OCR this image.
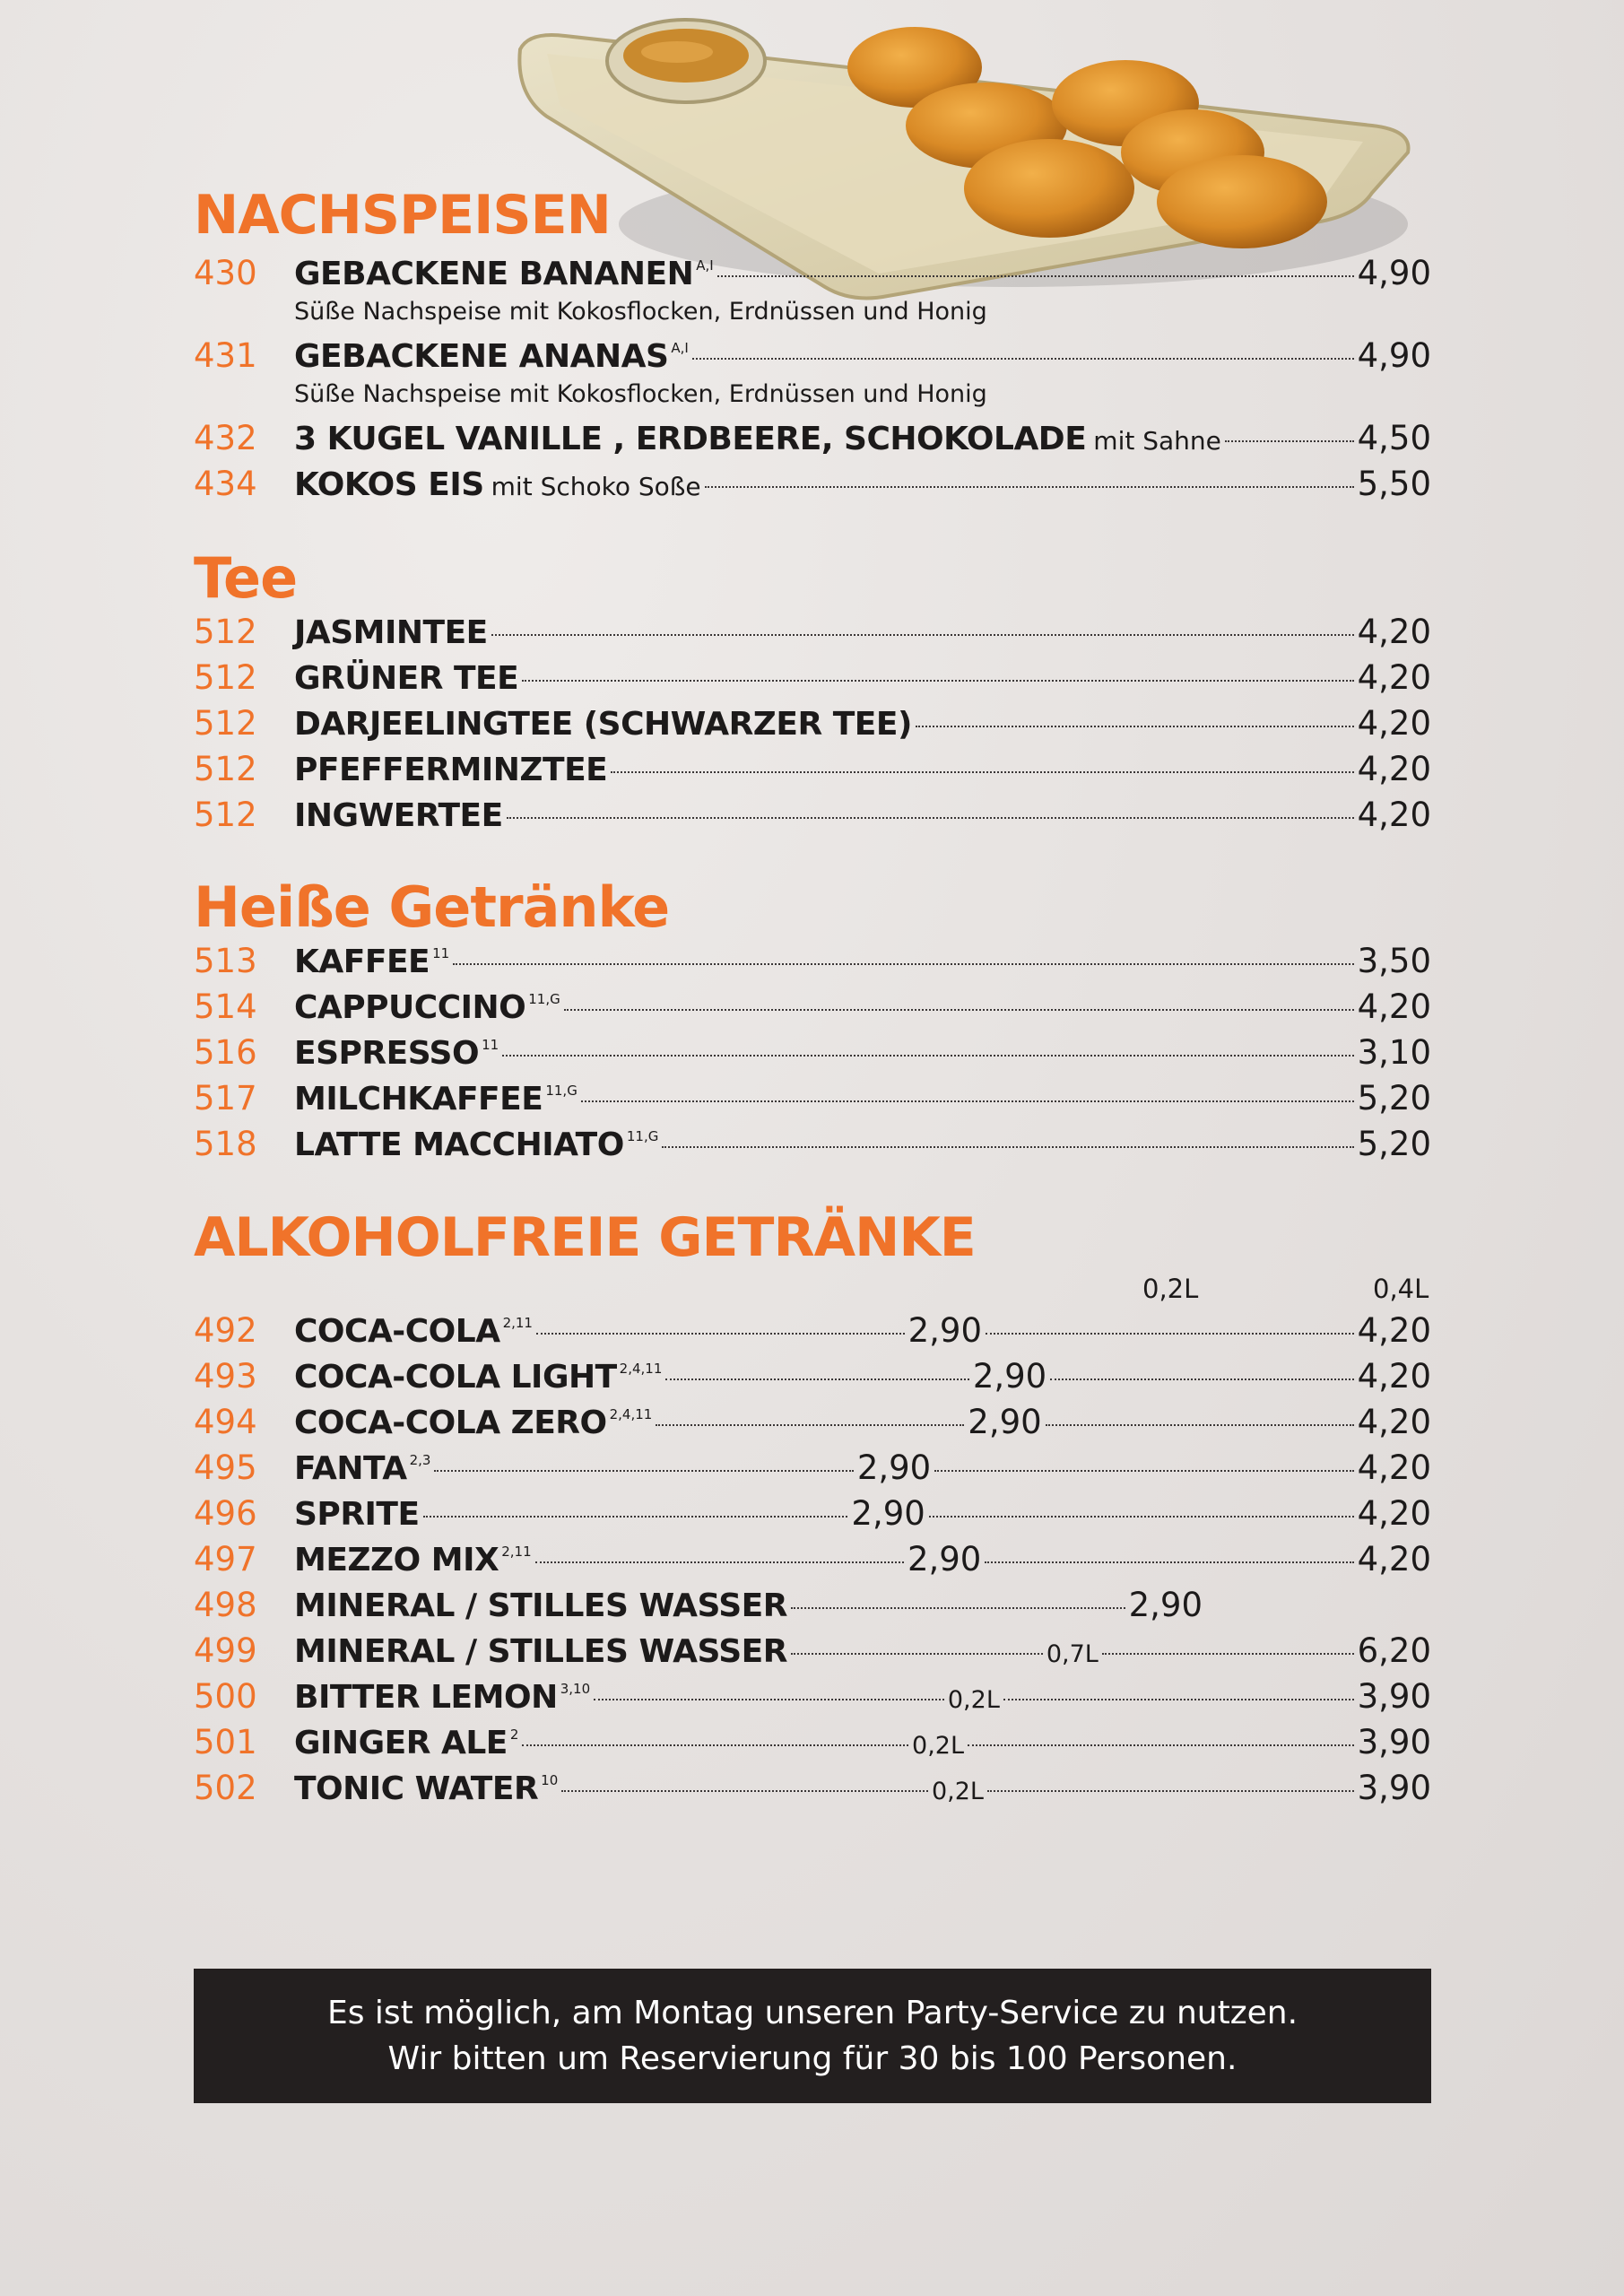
NACHSPEISEN
430	GEBACKENE BANANEN A,I	4,90
Süße Nachspeise mit Kokosflocken, Erdnüssen und Honig
431	GEBACKENE ANANAS A,I	4,90
Süße Nachspeise mit Kokosflocken, Erdnüssen und Honig
432	3 KUGEL VANILLE , ERDBEERE, SCHOKOLADE mit Sahne	4,50
434	KOKOS EIS mit Schoko Soße	5,50
Tee
512	JASMINTEE	4,20
512	GRÜNER TEE	4,20
512	DARJEELINGTEE (SCHWARZER TEE)	4,20
512	PFEFFERMINZTEE	4,20
512	INGWERTEE	4,20
Heiße Getränke
513	KAFFEE 11	3,50
514	CAPPUCCINO 11,G	4,20
516	ESPRESSO 11	3,10
517	MILCHKAFFEE 11,G	5,20
518	LATTE MACCHIATO 11,G	5,20
ALKOHOLFREIE GETRÄNKE
0,2L	0,4L
492	COCA-COLA 2,11	2,90	4,20
493	COCA-COLA LIGHT 2,4,11	2,90	4,20
494	COCA-COLA ZERO 2,4,11	2,90	4,20
495	FANTA 2,3	2,90	4,20
496	SPRITE	2,90	4,20
497	MEZZO MIX 2,11	2,90	4,20
498	MINERAL / STILLES WASSER	2,90
499	MINERAL / STILLES WASSER	0,7L	6,20
500	BITTER LEMON 3,10	0,2L	3,90
501	GINGER ALE 2	0,2L	3,90
502	TONIC WATER 10	0,2L	3,90
Es ist möglich, am Montag unseren Party-Service zu nutzen.
Wir bitten um Reservierung für 30 bis 100 Personen.
